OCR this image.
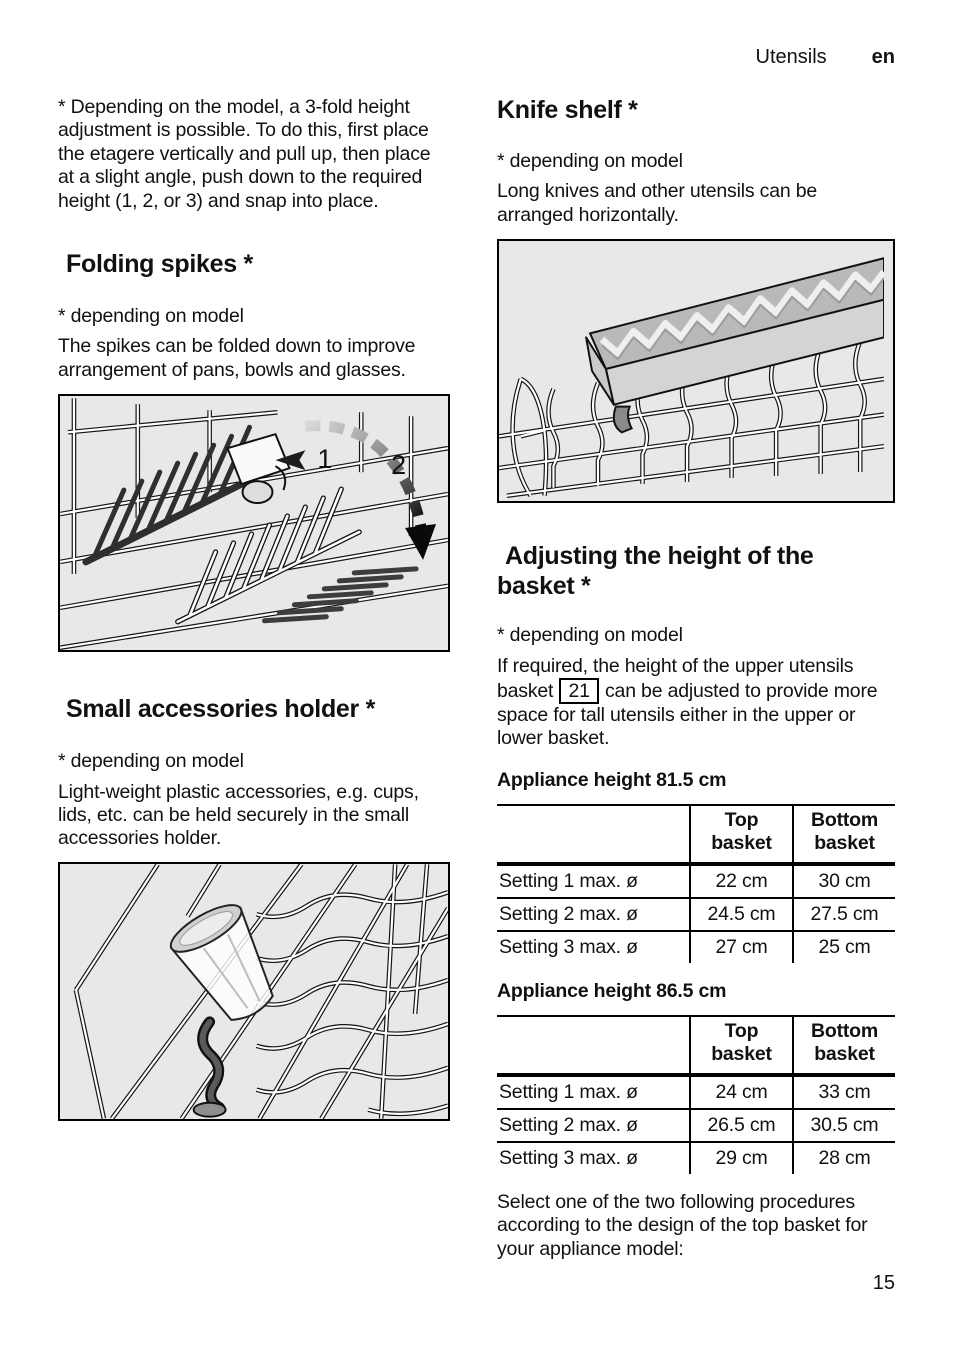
Utensils en

* Depending on the model, a 3-fold height adjustment is possible. To do this, first place the etagere vertically and pull up, then place at a slight angle, push down to the required height (1, 2, or 3) and snap into place.

Folding spikes *

* depending on model

The spikes can be folded down to improve arrangement of pans, bowls and glasses.

1 2
Small accessories holder *

* depending on model

Light-weight plastic accessories, e.g. cups, lids, etc. can be held securely in the small accessories holder.

Knife shelf *

* depending on model

Long knives and other utensils can be arranged horizontally.

Adjusting the height of the basket *

* depending on model

If required, the height of the upper utensils basket 21 can be adjusted to provide more space for tall utensils either in the upper or lower basket.

Appliance height 81.5 cm

	Top basket	Bottom basket
Setting 1 max. ø	22 cm	30 cm
Setting 2 max. ø	24.5 cm	27.5 cm
Setting 3 max. ø	27 cm	25 cm

Appliance height 86.5 cm

	Top basket	Bottom basket
Setting 1 max. ø	24 cm	33 cm
Setting 2 max. ø	26.5 cm	30.5 cm
Setting 3 max. ø	29 cm	28 cm

Select one of the two following procedures according to the design of the top basket for your appliance model:

15
